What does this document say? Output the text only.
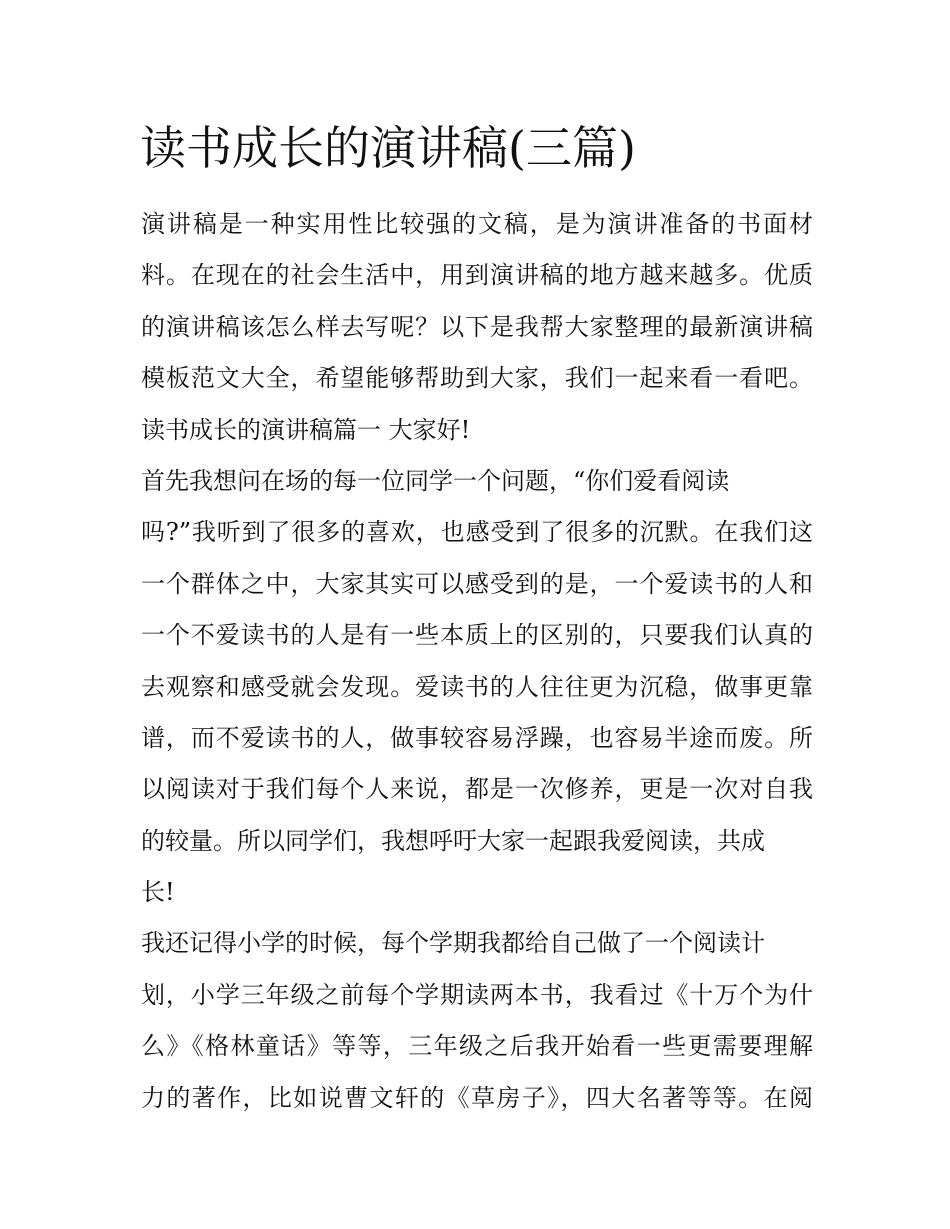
读书成长的演讲稿(三篇)
演讲稿是一种实用性比较强的文稿，是为演讲准备的书面材
料。在现在的社会生活中，用到演讲稿的地方越来越多。优质
的演讲稿该怎么样去写呢？以下是我帮大家整理的最新演讲稿
模板范文大全，希望能够帮助到大家，我们一起来看一看吧。
读书成长的演讲稿篇一 大家好!
首先我想问在场的每一位同学一个问题，“你们爱看阅读
吗?”我听到了很多的喜欢，也感受到了很多的沉默。在我们这
一个群体之中，大家其实可以感受到的是，一个爱读书的人和
一个不爱读书的人是有一些本质上的区别的，只要我们认真的
去观察和感受就会发现。爱读书的人往往更为沉稳，做事更靠
谱，而不爱读书的人，做事较容易浮躁，也容易半途而废。所
以阅读对于我们每个人来说，都是一次修养，更是一次对自我
的较量。所以同学们，我想呼吁大家一起跟我爱阅读，共成
长!
我还记得小学的时候，每个学期我都给自己做了一个阅读计
划，小学三年级之前每个学期读两本书，我看过《十万个为什
么》《格林童话》等等，三年级之后我开始看一些更需要理解
力的著作，比如说曹文轩的《草房子》，四大名著等等。在阅
